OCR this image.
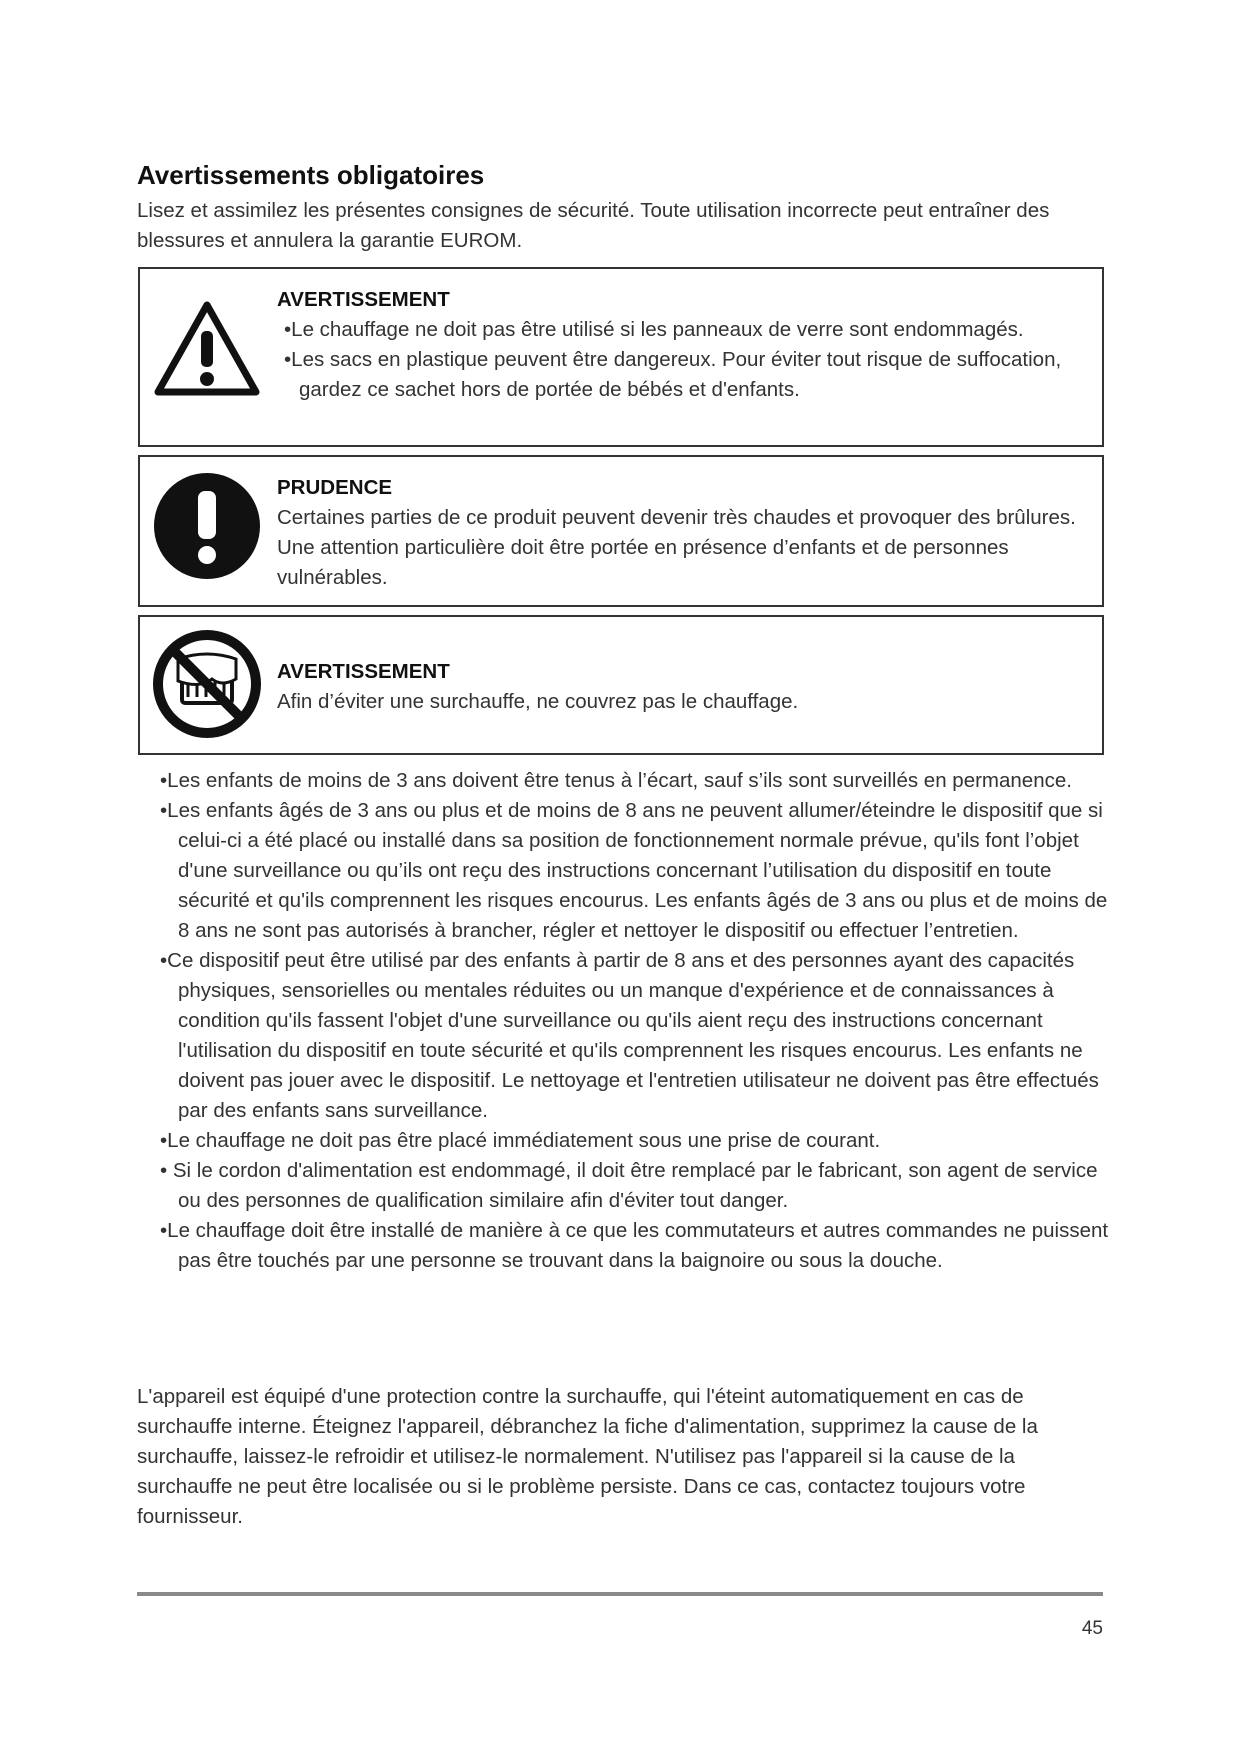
Avertissements obligatoires

Lisez et assimilez les présentes consignes de sécurité. Toute utilisation incorrecte peut entraîner des blessures et annulera la garantie EUROM.

AVERTISSEMENT
•Le chauffage ne doit pas être utilisé si les panneaux de verre sont endommagés.
•Les sacs en plastique peuvent être dangereux. Pour éviter tout risque de suffocation, gardez ce sachet hors de portée de bébés et d'enfants.
PRUDENCE
Certaines parties de ce produit peuvent devenir très chaudes et provoquer des brûlures. Une attention particulière doit être portée en présence d’enfants et de personnes vulnérables.
AVERTISSEMENT
Afin d’éviter une surchauffe, ne couvrez pas le chauffage.
•Les enfants de moins de 3 ans doivent être tenus à l’écart, sauf s’ils sont surveillés en permanence.
•Les enfants âgés de 3 ans ou plus et de moins de 8 ans ne peuvent allumer/éteindre le dispositif que si celui-ci a été placé ou installé dans sa position de fonctionnement normale prévue, qu'ils font l’objet d'une surveillance ou qu’ils ont reçu des instructions concernant l’utilisation du dispositif en toute sécurité et qu'ils comprennent les risques encourus. Les enfants âgés de 3 ans ou plus et de moins de 8 ans ne sont pas autorisés à brancher, régler et nettoyer le dispositif ou effectuer l’entretien.
•Ce dispositif peut être utilisé par des enfants à partir de 8 ans et des personnes ayant des capacités physiques, sensorielles ou mentales réduites ou un manque d'expérience et de connaissances à condition qu'ils fassent l'objet d'une surveillance ou qu'ils aient reçu des instructions concernant l'utilisation du dispositif en toute sécurité et qu'ils comprennent les risques encourus. Les enfants ne doivent pas jouer avec le dispositif. Le nettoyage et l'entretien utilisateur ne doivent pas être effectués par des enfants sans surveillance.
•Le chauffage ne doit pas être placé immédiatement sous une prise de courant.
• Si le cordon d'alimentation est endommagé, il doit être remplacé par le fabricant, son agent de service ou des personnes de qualification similaire afin d'éviter tout danger.
•Le chauffage doit être installé de manière à ce que les commutateurs et autres commandes ne puissent pas être touchés par une personne se trouvant dans la baignoire ou sous la douche.

L'appareil est équipé d'une protection contre la surchauffe, qui l'éteint automatiquement en cas de surchauffe interne. Éteignez l'appareil, débranchez la fiche d'alimentation, supprimez la cause de la surchauffe, laissez-le refroidir et utilisez-le normalement. N'utilisez pas l'appareil si la cause de la surchauffe ne peut être localisée ou si le problème persiste. Dans ce cas, contactez toujours votre fournisseur.

45
